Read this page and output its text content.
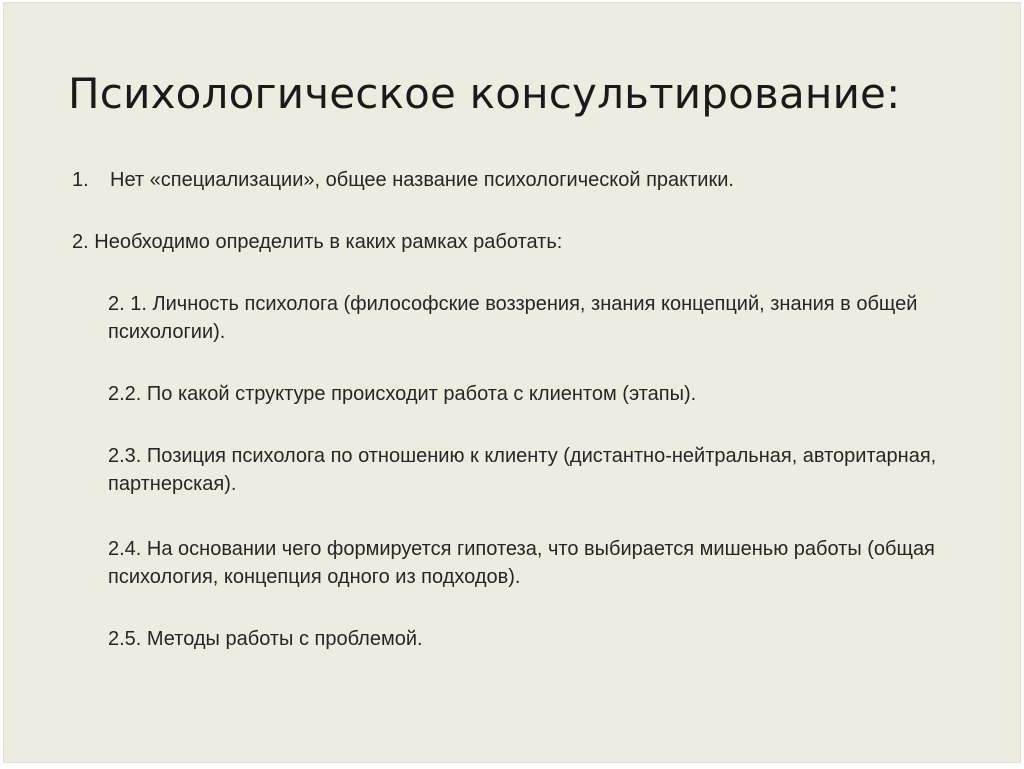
Психологическое консультирование:
1. Нет «специализации», общее название психологической практики.
2. Необходимо определить в каких рамках работать:
2. 1. Личность психолога (философские воззрения, знания концепций, знания в общей психологии).
2.2. По какой структуре происходит работа с клиентом (этапы).
2.3. Позиция психолога по отношению к клиенту (дистантно-нейтральная, авторитарная, партнерская).
2.4. На основании чего формируется гипотеза, что выбирается мишенью работы (общая психология, концепция одного из подходов).
2.5. Методы работы с проблемой.
